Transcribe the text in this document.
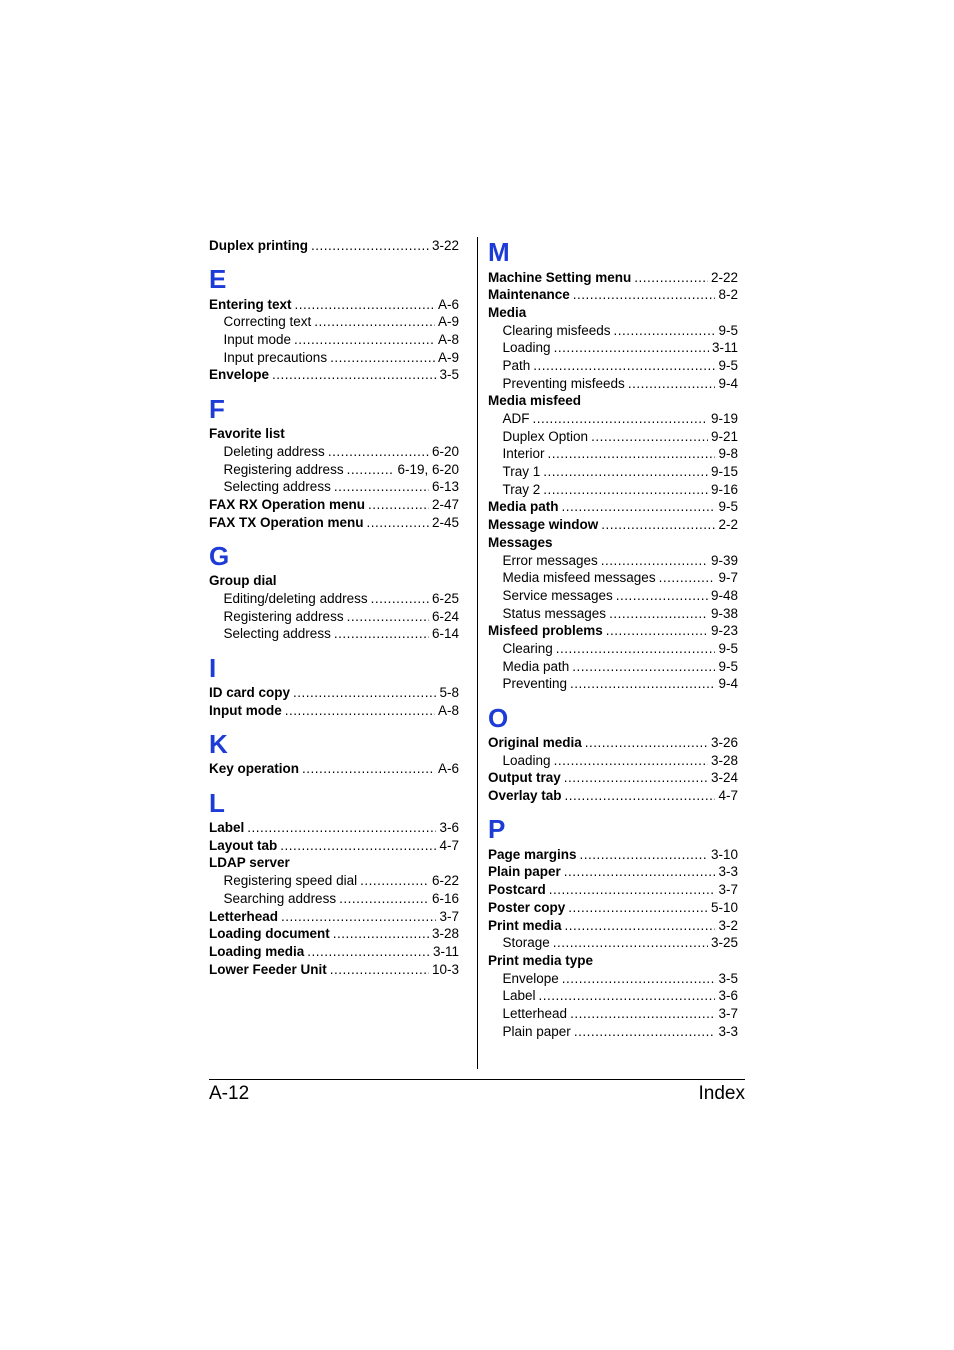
Duplex printing .....	3-22
E
Entering text .....	A-6
Correcting text .....	A-9
Input mode .....	A-8
Input precautions .....	A-9
Envelope .....	3-5
F
Favorite list
Deleting address .....	6-20
Registering address .....	6-19, 6-20
Selecting address .....	6-13
FAX RX Operation menu .....	2-47
FAX TX Operation menu .....	2-45
G
Group dial
Editing/deleting address .....	6-25
Registering address .....	6-24
Selecting address .....	6-14
I
ID card copy .....	5-8
Input mode .....	A-8
K
Key operation .....	A-6
L
Label .....	3-6
Layout tab .....	4-7
LDAP server
Registering speed dial .....	6-22
Searching address .....	6-16
Letterhead .....	3-7
Loading document .....	3-28
Loading media .....	3-11
Lower Feeder Unit .....	10-3
M
Machine Setting menu .....	2-22
Maintenance .....	8-2
Media
Clearing misfeeds .....	9-5
Loading .....	3-11
Path .....	9-5
Preventing misfeeds .....	9-4
Media misfeed
ADF .....	9-19
Duplex Option .....	9-21
Interior .....	9-8
Tray 1 .....	9-15
Tray 2 .....	9-16
Media path .....	9-5
Message window .....	2-2
Messages
Error messages .....	9-39
Media misfeed messages .....	9-7
Service messages .....	9-48
Status messages .....	9-38
Misfeed problems .....	9-23
Clearing .....	9-5
Media path .....	9-5
Preventing .....	9-4
O
Original media .....	3-26
Loading .....	3-28
Output tray .....	3-24
Overlay tab .....	4-7
P
Page margins .....	3-10
Plain paper .....	3-3
Postcard .....	3-7
Poster copy .....	5-10
Print media .....	3-2
Storage .....	3-25
Print media type
Envelope .....	3-5
Label .....	3-6
Letterhead .....	3-7
Plain paper .....	3-3
A-12	Index
